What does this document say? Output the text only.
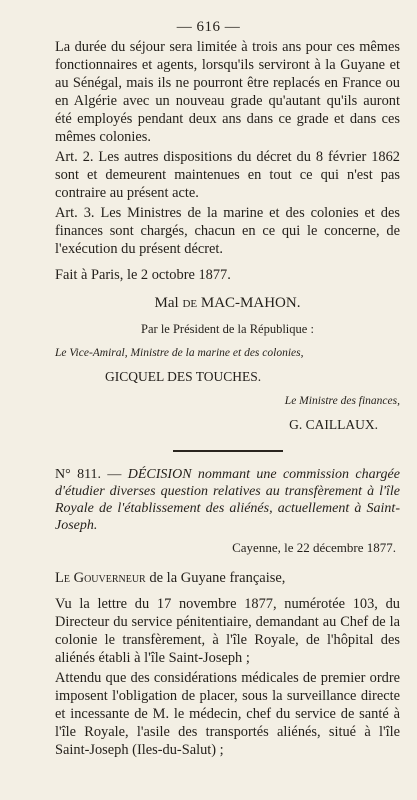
— 616 —

La durée du séjour sera limitée à trois ans pour ces mêmes fonctionnaires et agents, lorsqu'ils serviront à la Guyane et au Sénégal, mais ils ne pourront être replacés en France ou en Algérie avec un nouveau grade qu'autant qu'ils auront été employés pendant deux ans dans ce grade et dans ces mêmes colonies.

Art. 2. Les autres dispositions du décret du 8 février 1862 sont et demeurent maintenues en tout ce qui n'est pas contraire au présent acte.

Art. 3. Les Ministres de la marine et des colonies et des finances sont chargés, chacun en ce qui le concerne, de l'exécution du présent décret.

Fait à Paris, le 2 octobre 1877.

Mal de MAC-MAHON.

Par le Président de la République :

Le Vice-Amiral, Ministre de la marine et des colonies,

GICQUEL DES TOUCHES.

Le Ministre des finances,

G. CAILLAUX.

N° 811. — DÉCISION nommant une commission chargée d'étudier diverses question relatives au transfèrement à l'île Royale de l'établissement des aliénés, actuellement à Saint-Joseph.

Cayenne, le 22 décembre 1877.

Le Gouverneur de la Guyane française,

Vu la lettre du 17 novembre 1877, numérotée 103, du Directeur du service pénitentiaire, demandant au Chef de la colonie le transfèrement, à l'île Royale, de l'hôpital des aliénés établi à l'île Saint-Joseph ;

Attendu que des considérations médicales de premier ordre imposent l'obligation de placer, sous la surveillance directe et incessante de M. le médecin, chef du service de santé à l'île Royale, l'asile des transportés aliénés, situé à l'île Saint-Joseph (Iles-du-Salut) ;
